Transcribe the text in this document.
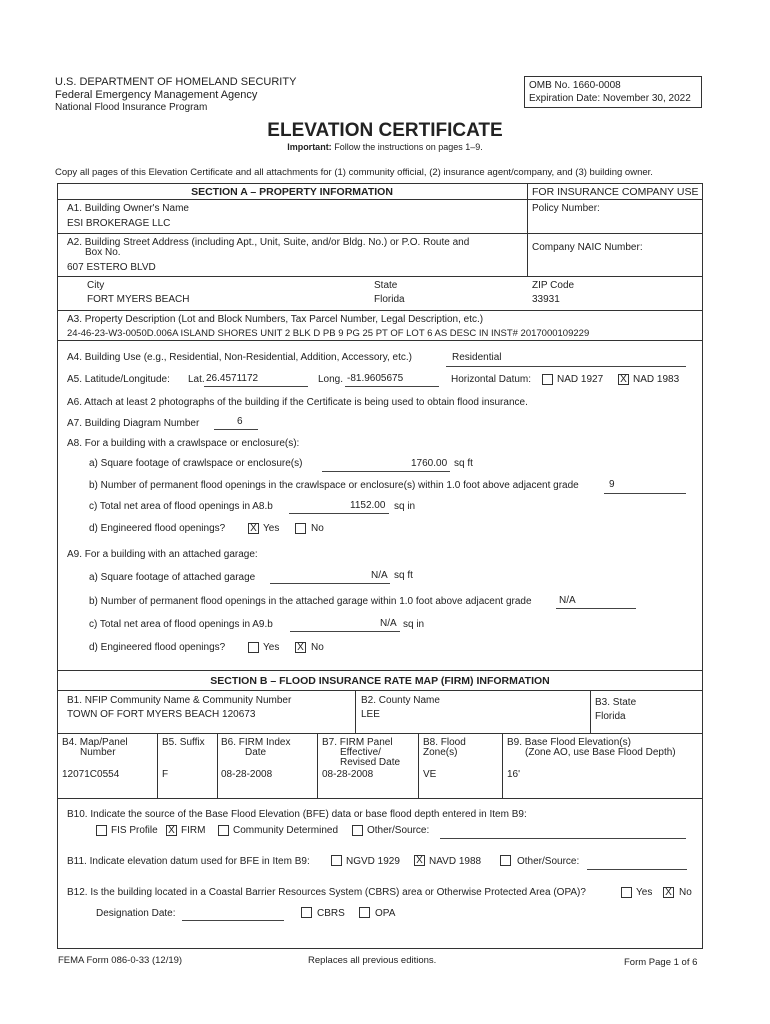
U.S. DEPARTMENT OF HOMELAND SECURITY
Federal Emergency Management Agency
National Flood Insurance Program
OMB No. 1660-0008
Expiration Date: November 30, 2022
ELEVATION CERTIFICATE
Important: Follow the instructions on pages 1–9.
Copy all pages of this Elevation Certificate and all attachments for (1) community official, (2) insurance agent/company, and (3) building owner.
SECTION A – PROPERTY INFORMATION	FOR INSURANCE COMPANY USE
A1. Building Owner's Name
ESI BROKERAGE LLC
Policy Number:
A2. Building Street Address (including Apt., Unit, Suite, and/or Bldg. No.) or P.O. Route and
Box No.
607 ESTERO BLVD
Company NAIC Number:
City
FORT MYERS BEACH
State
Florida
ZIP Code
33931
A3. Property Description (Lot and Block Numbers, Tax Parcel Number, Legal Description, etc.)
24-46-23-W3-0050D.006A ISLAND SHORES UNIT 2 BLK D PB 9 PG 25 PT OF LOT 6 AS DESC IN INST# 2017000109229
A4. Building Use (e.g., Residential, Non-Residential, Addition, Accessory, etc.)	Residential
A5. Latitude/Longitude: Lat. 26.4571172	Long. -81.9605675	Horizontal Datum:	NAD 1927 X NAD 1983
A6. Attach at least 2 photographs of the building if the Certificate is being used to obtain flood insurance.
A7. Building Diagram Number	6
A8. For a building with a crawlspace or enclosure(s):
a) Square footage of crawlspace or enclosure(s)	1760.00 sq ft
b) Number of permanent flood openings in the crawlspace or enclosure(s) within 1.0 foot above adjacent grade	9
c) Total net area of flood openings in A8.b	1152.00 sq in
d) Engineered flood openings? X Yes	No
A9. For a building with an attached garage:
a) Square footage of attached garage	N/A sq ft
b) Number of permanent flood openings in the attached garage within 1.0 foot above adjacent grade	N/A
c) Total net area of flood openings in A9.b	N/A sq in
d) Engineered flood openings?	Yes X No
SECTION B – FLOOD INSURANCE RATE MAP (FIRM) INFORMATION
B1. NFIP Community Name & Community Number
TOWN OF FORT MYERS BEACH 120673
B2. County Name
LEE
B3. State
Florida
B4. Map/Panel
Number
12071C0554
B5. Suffix
F
B6. FIRM Index
Date
08-28-2008
B7. FIRM Panel
Effective/
Revised Date
08-28-2008
B8. Flood
Zone(s)
VE
B9. Base Flood Elevation(s)
(Zone AO, use Base Flood Depth)
16'
B10. Indicate the source of the Base Flood Elevation (BFE) data or base flood depth entered in Item B9:
FIS Profile X FIRM	Community Determined	Other/Source:
B11. Indicate elevation datum used for BFE in Item B9:	NGVD 1929 X NAVD 1988	Other/Source:
B12. Is the building located in a Coastal Barrier Resources System (CBRS) area or Otherwise Protected Area (OPA)?	Yes X No
Designation Date:	CBRS	OPA
FEMA Form 086-0-33 (12/19)	Replaces all previous editions.	Form Page 1 of 6
